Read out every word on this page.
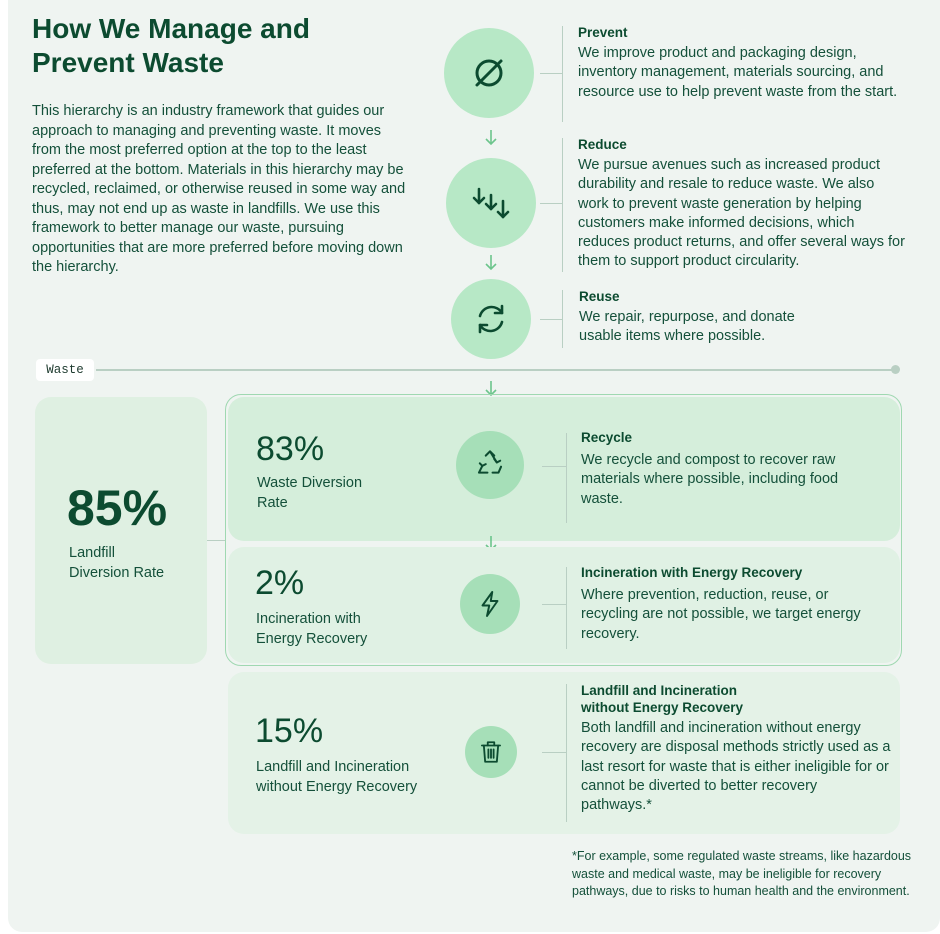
How We Manage and Prevent Waste
This hierarchy is an industry framework that guides our approach to managing and preventing waste. It moves from the most preferred option at the top to the least preferred at the bottom. Materials in this hierarchy may be recycled, reclaimed, or otherwise reused in some way and thus, may not end up as waste in landfills. We use this framework to better manage our waste, pursuing opportunities that are more preferred before moving down the hierarchy.
Prevent
We improve product and packaging design, inventory management, materials sourcing, and resource use to help prevent waste from the start.
Reduce
We pursue avenues such as increased product durability and resale to reduce waste. We also work to prevent waste generation by helping customers make informed decisions, which reduces product returns, and offer several ways for them to support product circularity.
Reuse
We repair, repurpose, and donate usable items where possible.
Waste
85%
Landfill Diversion Rate
83%
Waste Diversion Rate
Recycle
We recycle and compost to recover raw materials where possible, including food waste.
2%
Incineration with Energy Recovery
Incineration with Energy Recovery
Where prevention, reduction, reuse, or recycling are not possible, we target energy recovery.
15%
Landfill and Incineration without Energy Recovery
Landfill and Incineration without Energy Recovery
Both landfill and incineration without energy recovery are disposal methods strictly used as a last resort for waste that is either ineligible for or cannot be diverted to better recovery pathways.*
*For example, some regulated waste streams, like hazardous waste and medical waste, may be ineligible for recovery pathways, due to risks to human health and the environment.
